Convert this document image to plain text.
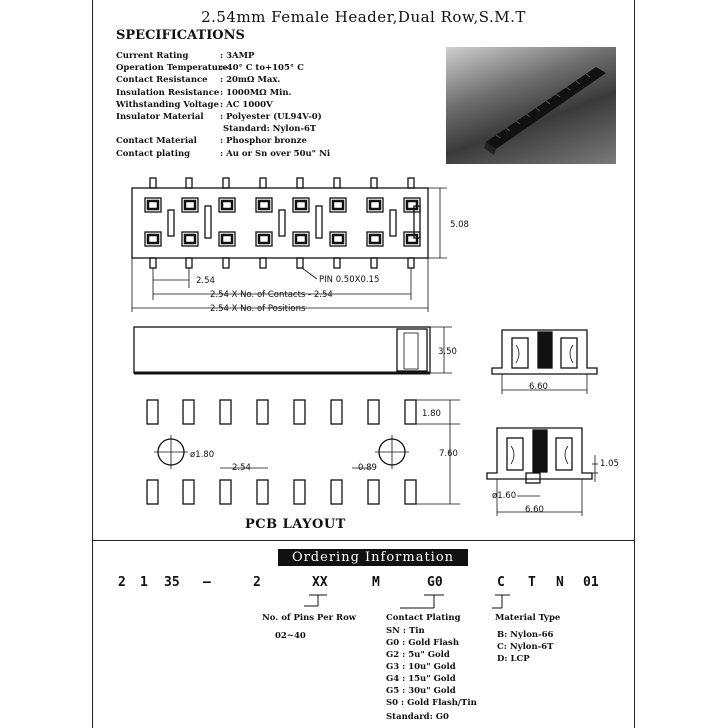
2.54mm Female Header,Dual Row,S.M.T
SPECIFICATIONS
Current Rating	: 3AMP
Operation Temperature:-40° C to+105° C
Contact Resistance : 20mΩ Max.
Insulation Resistance: 1000MΩ Min.
Withstanding Voltage: AC 1000V
Insulator Material : Polyester (UL94V-0)
Standard: Nylon-6T
Contact Material	: Phosphor bronze
Contact plating	: Au or Sn over 50u" Ni
5.08
2.54	PIN 0.50X0.15
2.54 X No. of Contacts - 2.54
2.54 X No. of Positions
3.50
6.60
1.80
7.60
ø1.80
2.54	0.89	1.05
ø1.60
6.60
PCB LAYOUT
Ordering Information
2 1 35 —	2	XX	M	G0	C T N 01
No. of Pins Per Row
02~40
Contact Plating
SN : Tin
G0 : Gold Flash
G2 : 5u" Gold
G3 : 10u" Gold
G4 : 15u" Gold
G5 : 30u" Gold
S0 : Gold Flash/Tin
Standard: G0
Material Type
B: Nylon-66
C: Nylon-6T
D: LCP
